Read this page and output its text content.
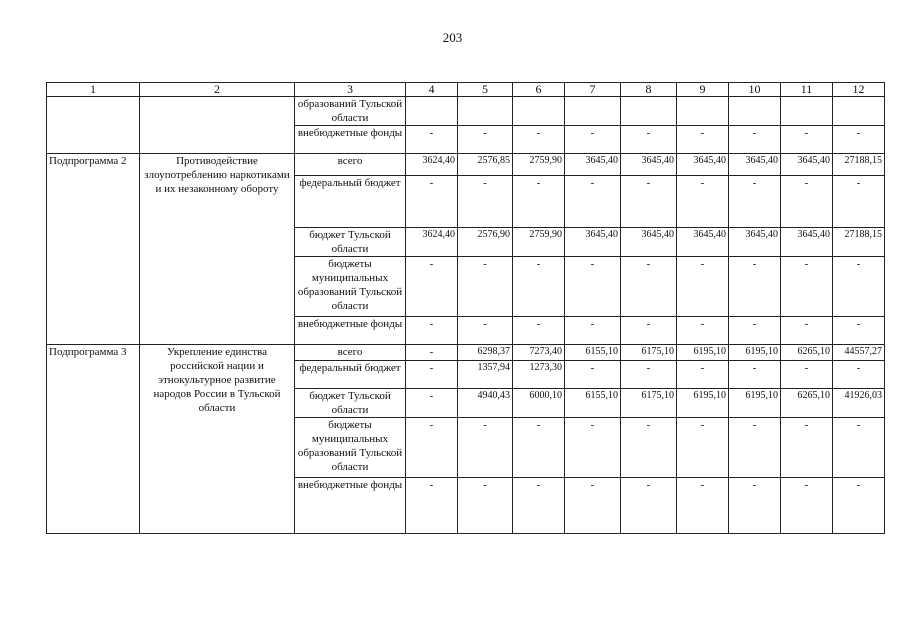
203
1	2	3	4	5	6	7	8	9	10	11	12
		образований Тульской области									
		внебюджетные фонды	-	-	-	-	-	-	-	-	-
Подпрограмма 2	Противодействие злоупотреблению наркотиками и их незаконному обороту	всего	3624,40	2576,85	2759,90	3645,40	3645,40	3645,40	3645,40	3645,40	27188,15
		федеральный бюджет	-	-	-	-	-	-	-	-	-
		бюджет Тульской области	3624,40	2576,90	2759,90	3645,40	3645,40	3645,40	3645,40	3645,40	27188,15
		бюджеты муниципальных образований Тульской области	-	-	-	-	-	-	-	-	-
		внебюджетные фонды	-	-	-	-	-	-	-	-	-
Подпрограмма 3	Укрепление единства российской нации и этнокультурное развитие народов России в Тульской области	всего	-	6298,37	7273,40	6155,10	6175,10	6195,10	6195,10	6265,10	44557,27
		федеральный бюджет	-	1357,94	1273,30	-	-	-	-	-	-
		бюджет Тульской области	-	4940,43	6000,10	6155,10	6175,10	6195,10	6195,10	6265,10	41926,03
		бюджеты муниципальных образований Тульской области	-	-	-	-	-	-	-	-	-
		внебюджетные фонды	-	-	-	-	-	-	-	-	-
